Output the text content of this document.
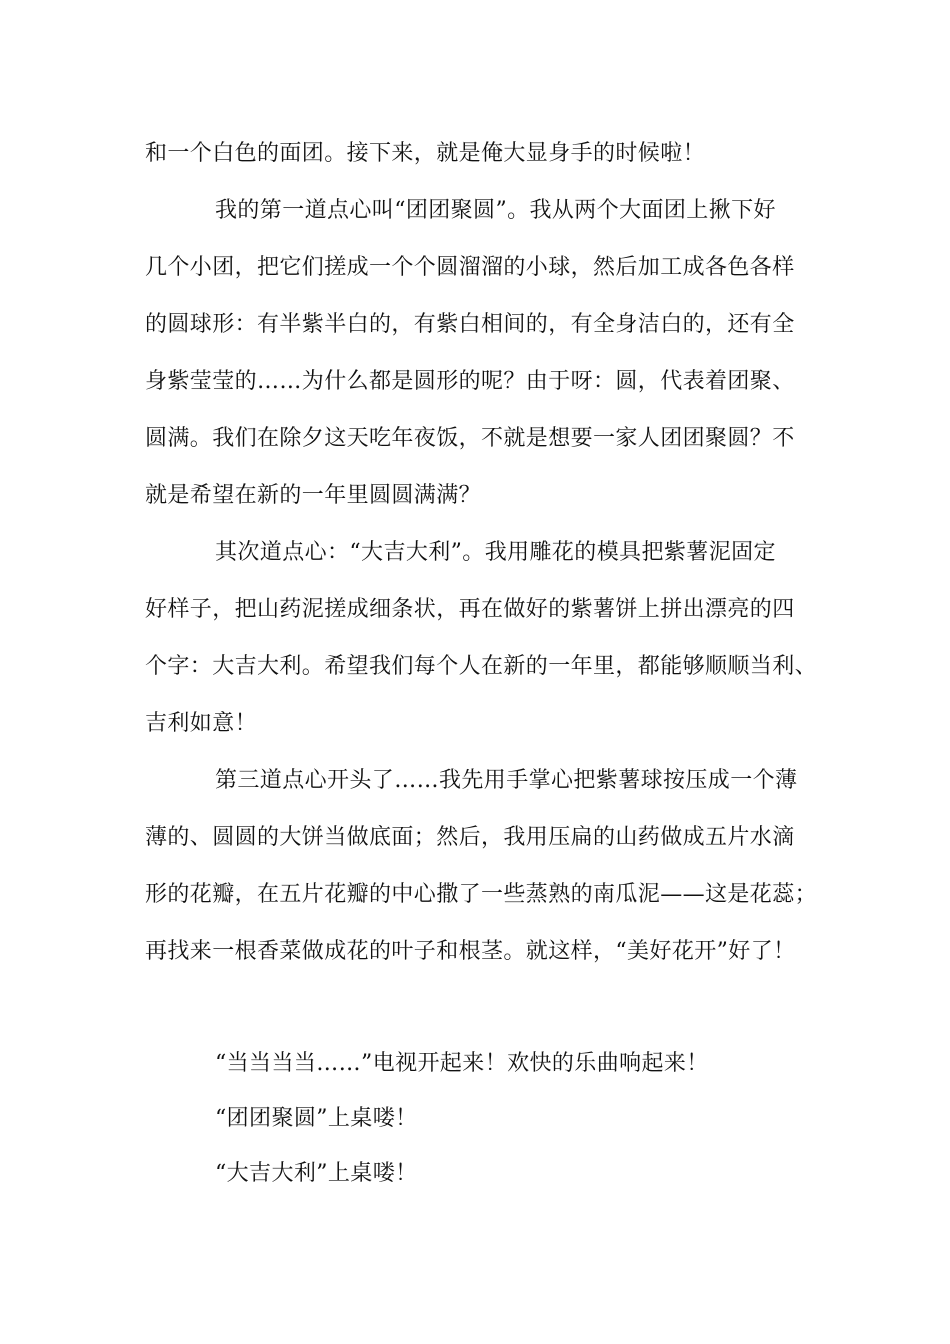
和一个白色的面团。接下来，就是俺大显身手的时候啦！
我的第一道点心叫“团团聚圆”。我从两个大面团上揪下好
几个小团，把它们搓成一个个圆溜溜的小球，然后加工成各色各样
的圆球形：有半紫半白的，有紫白相间的，有全身洁白的，还有全
身紫莹莹的……为什么都是圆形的呢？由于呀：圆，代表着团聚、
圆满。我们在除夕这天吃年夜饭，不就是想要一家人团团聚圆？不
就是希望在新的一年里圆圆满满？
其次道点心：“大吉大利”。我用雕花的模具把紫薯泥固定
好样子，把山药泥搓成细条状，再在做好的紫薯饼上拼出漂亮的四
个字：大吉大利。希望我们每个人在新的一年里，都能够顺顺当利、
吉利如意！
第三道点心开头了……我先用手掌心把紫薯球按压成一个薄
薄的、圆圆的大饼当做底面；然后，我用压扁的山药做成五片水滴
形的花瓣，在五片花瓣的中心撒了一些蒸熟的南瓜泥——这是花蕊；
再找来一根香菜做成花的叶子和根茎。就这样，“美好花开”好了！
“当当当当……”电视开起来！欢快的乐曲响起来！
“团团聚圆”上桌喽！
“大吉大利”上桌喽！
